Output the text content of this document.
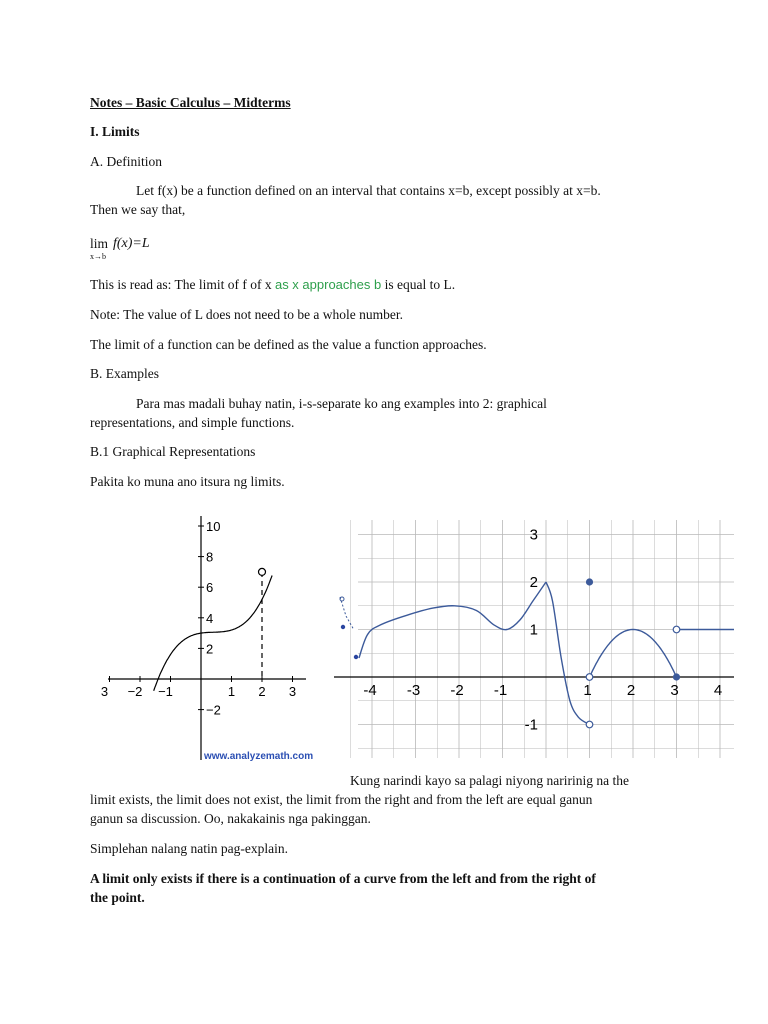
Notes – Basic Calculus – Midterms
I. Limits
A. Definition
Let f(x) be a function defined on an interval that contains x=b, except possibly at x=b.
Then we say that,
lim
x→b
f(x)=L
This is read as: The limit of f of x as x approaches b is equal to L.
Note: The value of L does not need to be a whole number.
The limit of a function can be defined as the value a function approaches.
B. Examples
Para mas madali buhay natin, i-s-separate ko ang examples into 2: graphical
representations, and simple functions.
B.1 Graphical Representations
Pakita ko muna ano itsura ng limits.
3 −2 −1	1 2 3
10
8
6
4
2
−2
www.analyzemath.com
-4 -3 -2 -1	1 2 3 4
3
2
1
-1
Kung narindi kayo sa palagi niyong naririnig na the
limit exists, the limit does not exist, the limit from the right and from the left are equal ganun
ganun sa discussion. Oo, nakakainis nga pakinggan.
Simplehan nalang natin pag-explain.
A limit only exists if there is a continuation of a curve from the left and from the right of
the point.
